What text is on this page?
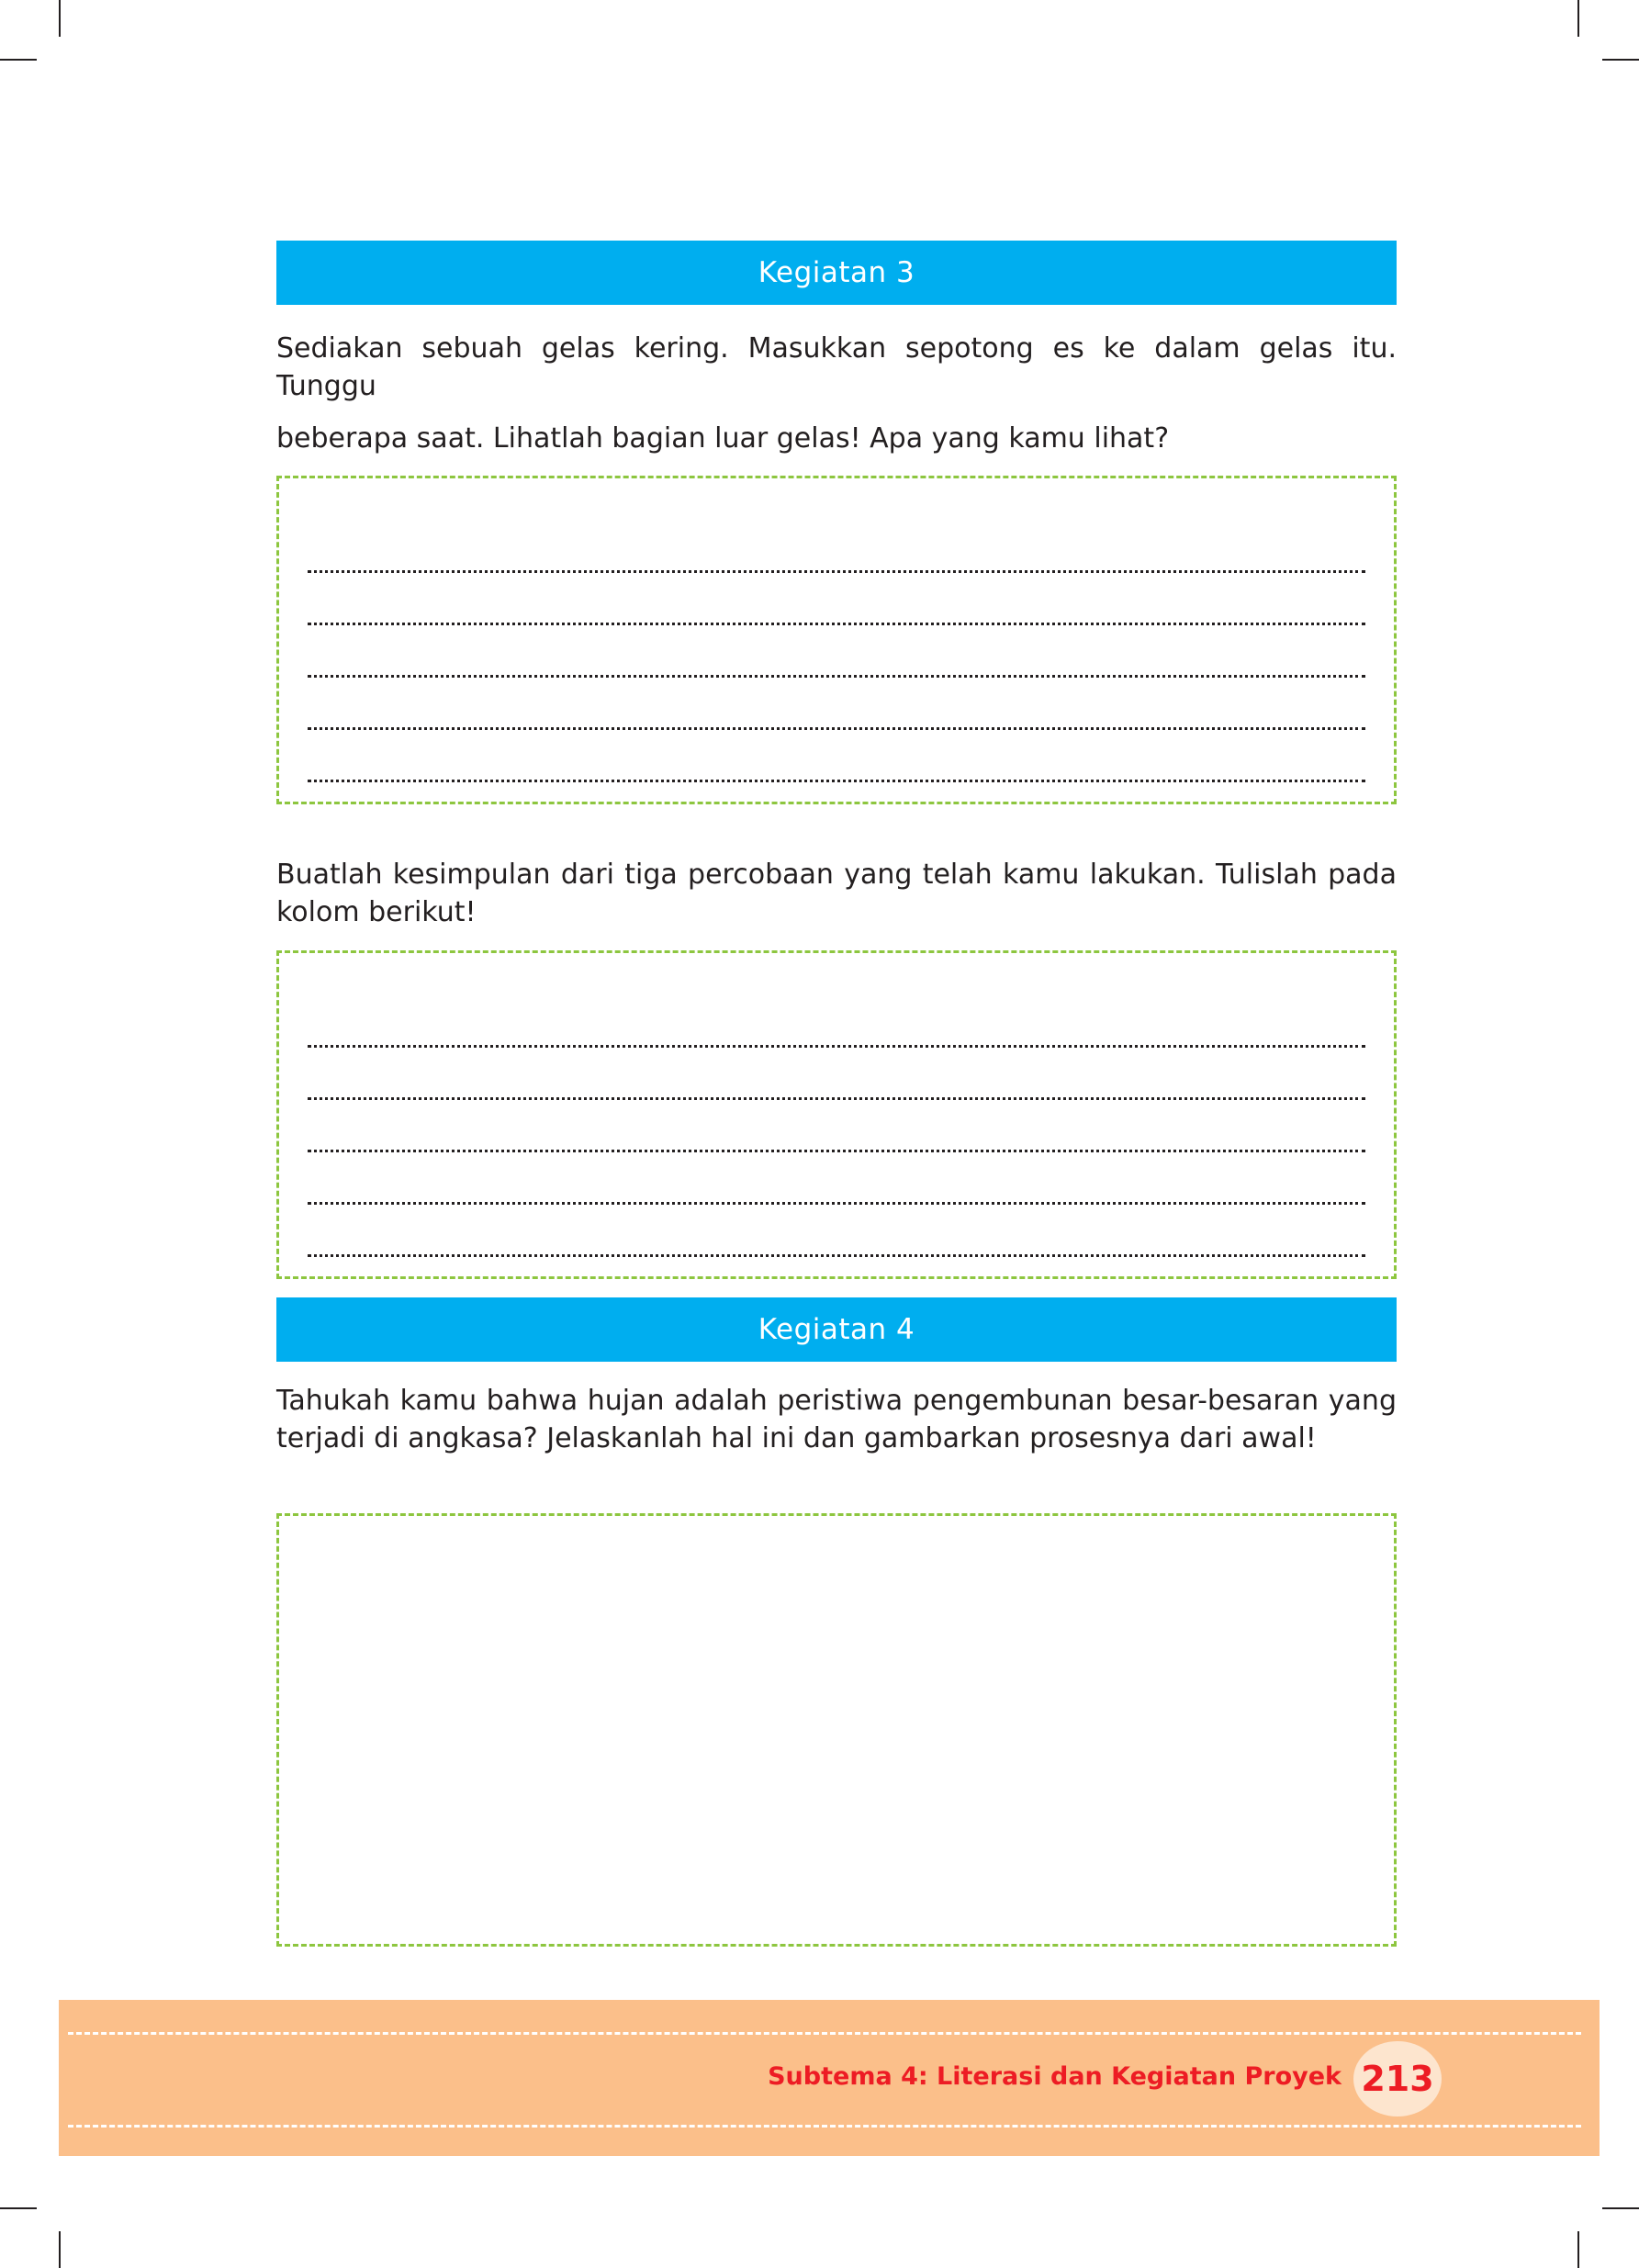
Kegiatan 3

Sediakan sebuah gelas kering. Masukkan sepotong es ke dalam gelas itu. Tunggu

beberapa saat. Lihatlah bagian luar gelas! Apa yang kamu lihat?

Buatlah kesimpulan dari tiga percobaan yang telah kamu lakukan. Tulislah pada kolom berikut!

Kegiatan 4

Tahukah kamu bahwa hujan adalah peristiwa pengembunan besar-besaran yang terjadi di angkasa? Jelaskanlah hal ini dan gambarkan prosesnya dari awal!

Subtema 4: Literasi dan Kegiatan Proyek 213
